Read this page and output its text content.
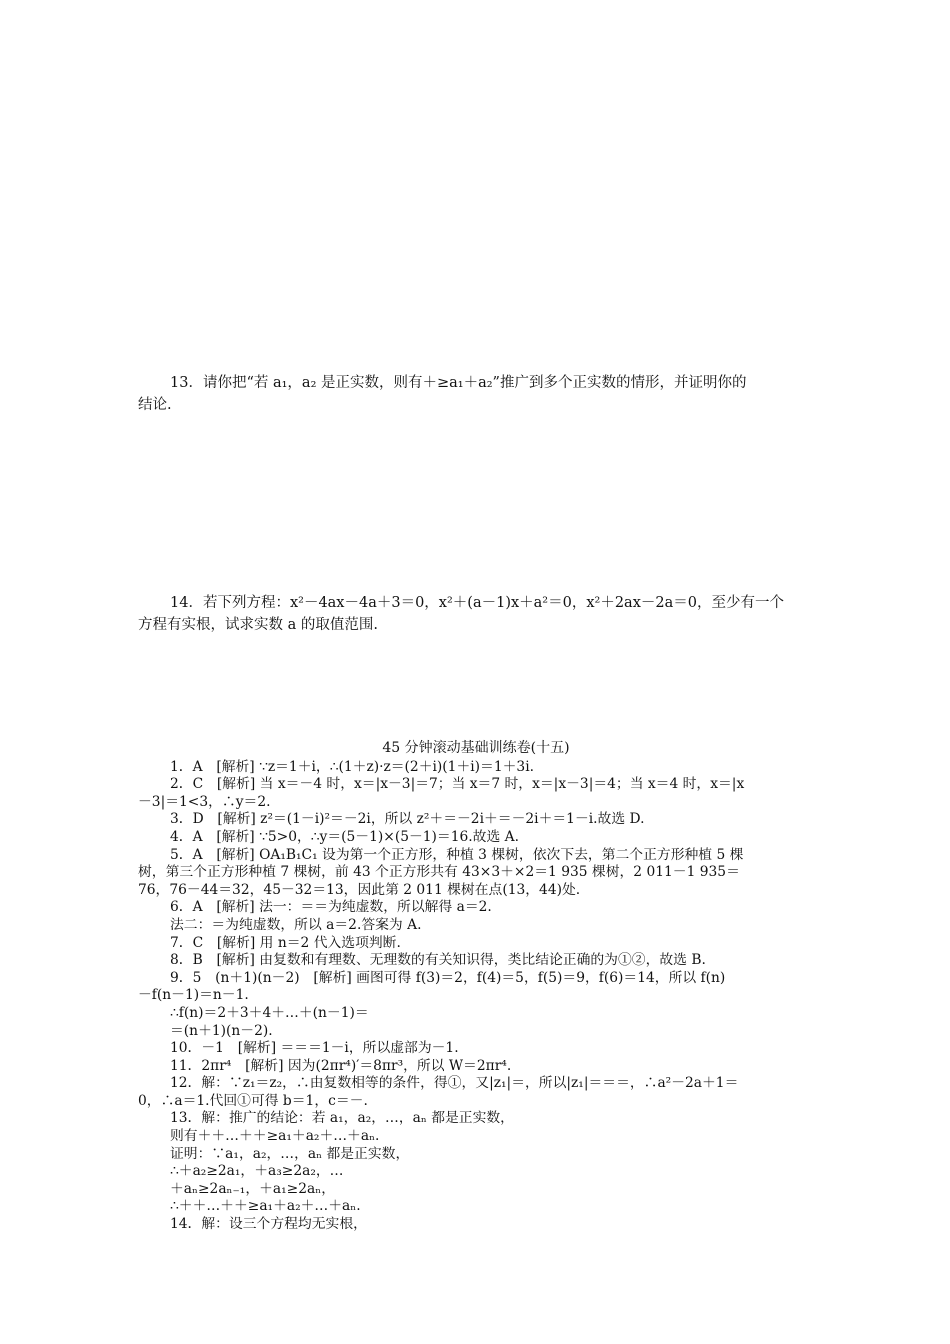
13．请你把“若 a₁，a₂ 是正实数，则有＋≥a₁＋a₂”推广到多个正实数的情形，并证明你的

结论.

14．若下列方程：x²－4ax－4a＋3＝0，x²＋(a－1)x＋a²＝0，x²＋2ax－2a＝0，至少有一个

方程有实根，试求实数 a 的取值范围.

45 分钟滚动基础训练卷(十五)

1．A　[解析] ∵z＝1＋i，∴(1＋z)·z＝(2＋i)(1＋i)＝1＋3i.

2．C　[解析] 当 x＝－4 时，x＝|x－3|＝7；当 x＝7 时，x＝|x－3|＝4；当 x＝4 时，x＝|x

－3|＝1<3，∴y＝2.

3．D　[解析] z²＝(1－i)²＝－2i，所以 z²＋＝－2i＋＝－2i＋＝1－i.故选 D.

4．A　[解析] ∵5>0，∴y＝(5－1)×(5－1)＝16.故选 A.

5．A　[解析] OA₁B₁C₁ 设为第一个正方形，种植 3 棵树，依次下去，第二个正方形种植 5 棵

树，第三个正方形种植 7 棵树，前 43 个正方形共有 43×3＋×2＝1 935 棵树，2 011－1 935＝

76，76－44＝32，45－32＝13，因此第 2 011 棵树在点(13，44)处.

6．A　[解析] 法一：＝＝为纯虚数，所以解得 a＝2.

法二：＝为纯虚数，所以 a＝2.答案为 A.

7．C　[解析] 用 n＝2 代入选项判断.

8．B　[解析] 由复数和有理数、无理数的有关知识得，类比结论正确的为①②，故选 B.

9．5　(n＋1)(n－2)　[解析] 画图可得 f(3)＝2，f(4)＝5，f(5)＝9，f(6)＝14，所以 f(n)

－f(n－1)＝n－1.

∴f(n)＝2＋3＋4＋…＋(n－1)＝

＝(n＋1)(n－2).

10．－1　[解析] ＝＝＝1－i，所以虚部为－1.

11．2πr⁴　[解析] 因为(2πr⁴)′＝8πr³，所以 W＝2πr⁴.

12．解：∵z₁＝z₂，∴由复数相等的条件，得①，又|z₁|＝，所以|z₁|＝＝＝，∴a²－2a＋1＝

0，∴a＝1.代回①可得 b＝1，c＝－.

13．解：推广的结论：若 a₁，a₂，…，aₙ 都是正实数，

则有＋＋…＋＋≥a₁＋a₂＋…＋aₙ.

证明：∵a₁，a₂，…，aₙ 都是正实数，

∴＋a₂≥2a₁，＋a₃≥2a₂，…

＋aₙ≥2aₙ₋₁，＋a₁≥2aₙ，

∴＋＋…＋＋≥a₁＋a₂＋…＋aₙ.

14．解：设三个方程均无实根，
